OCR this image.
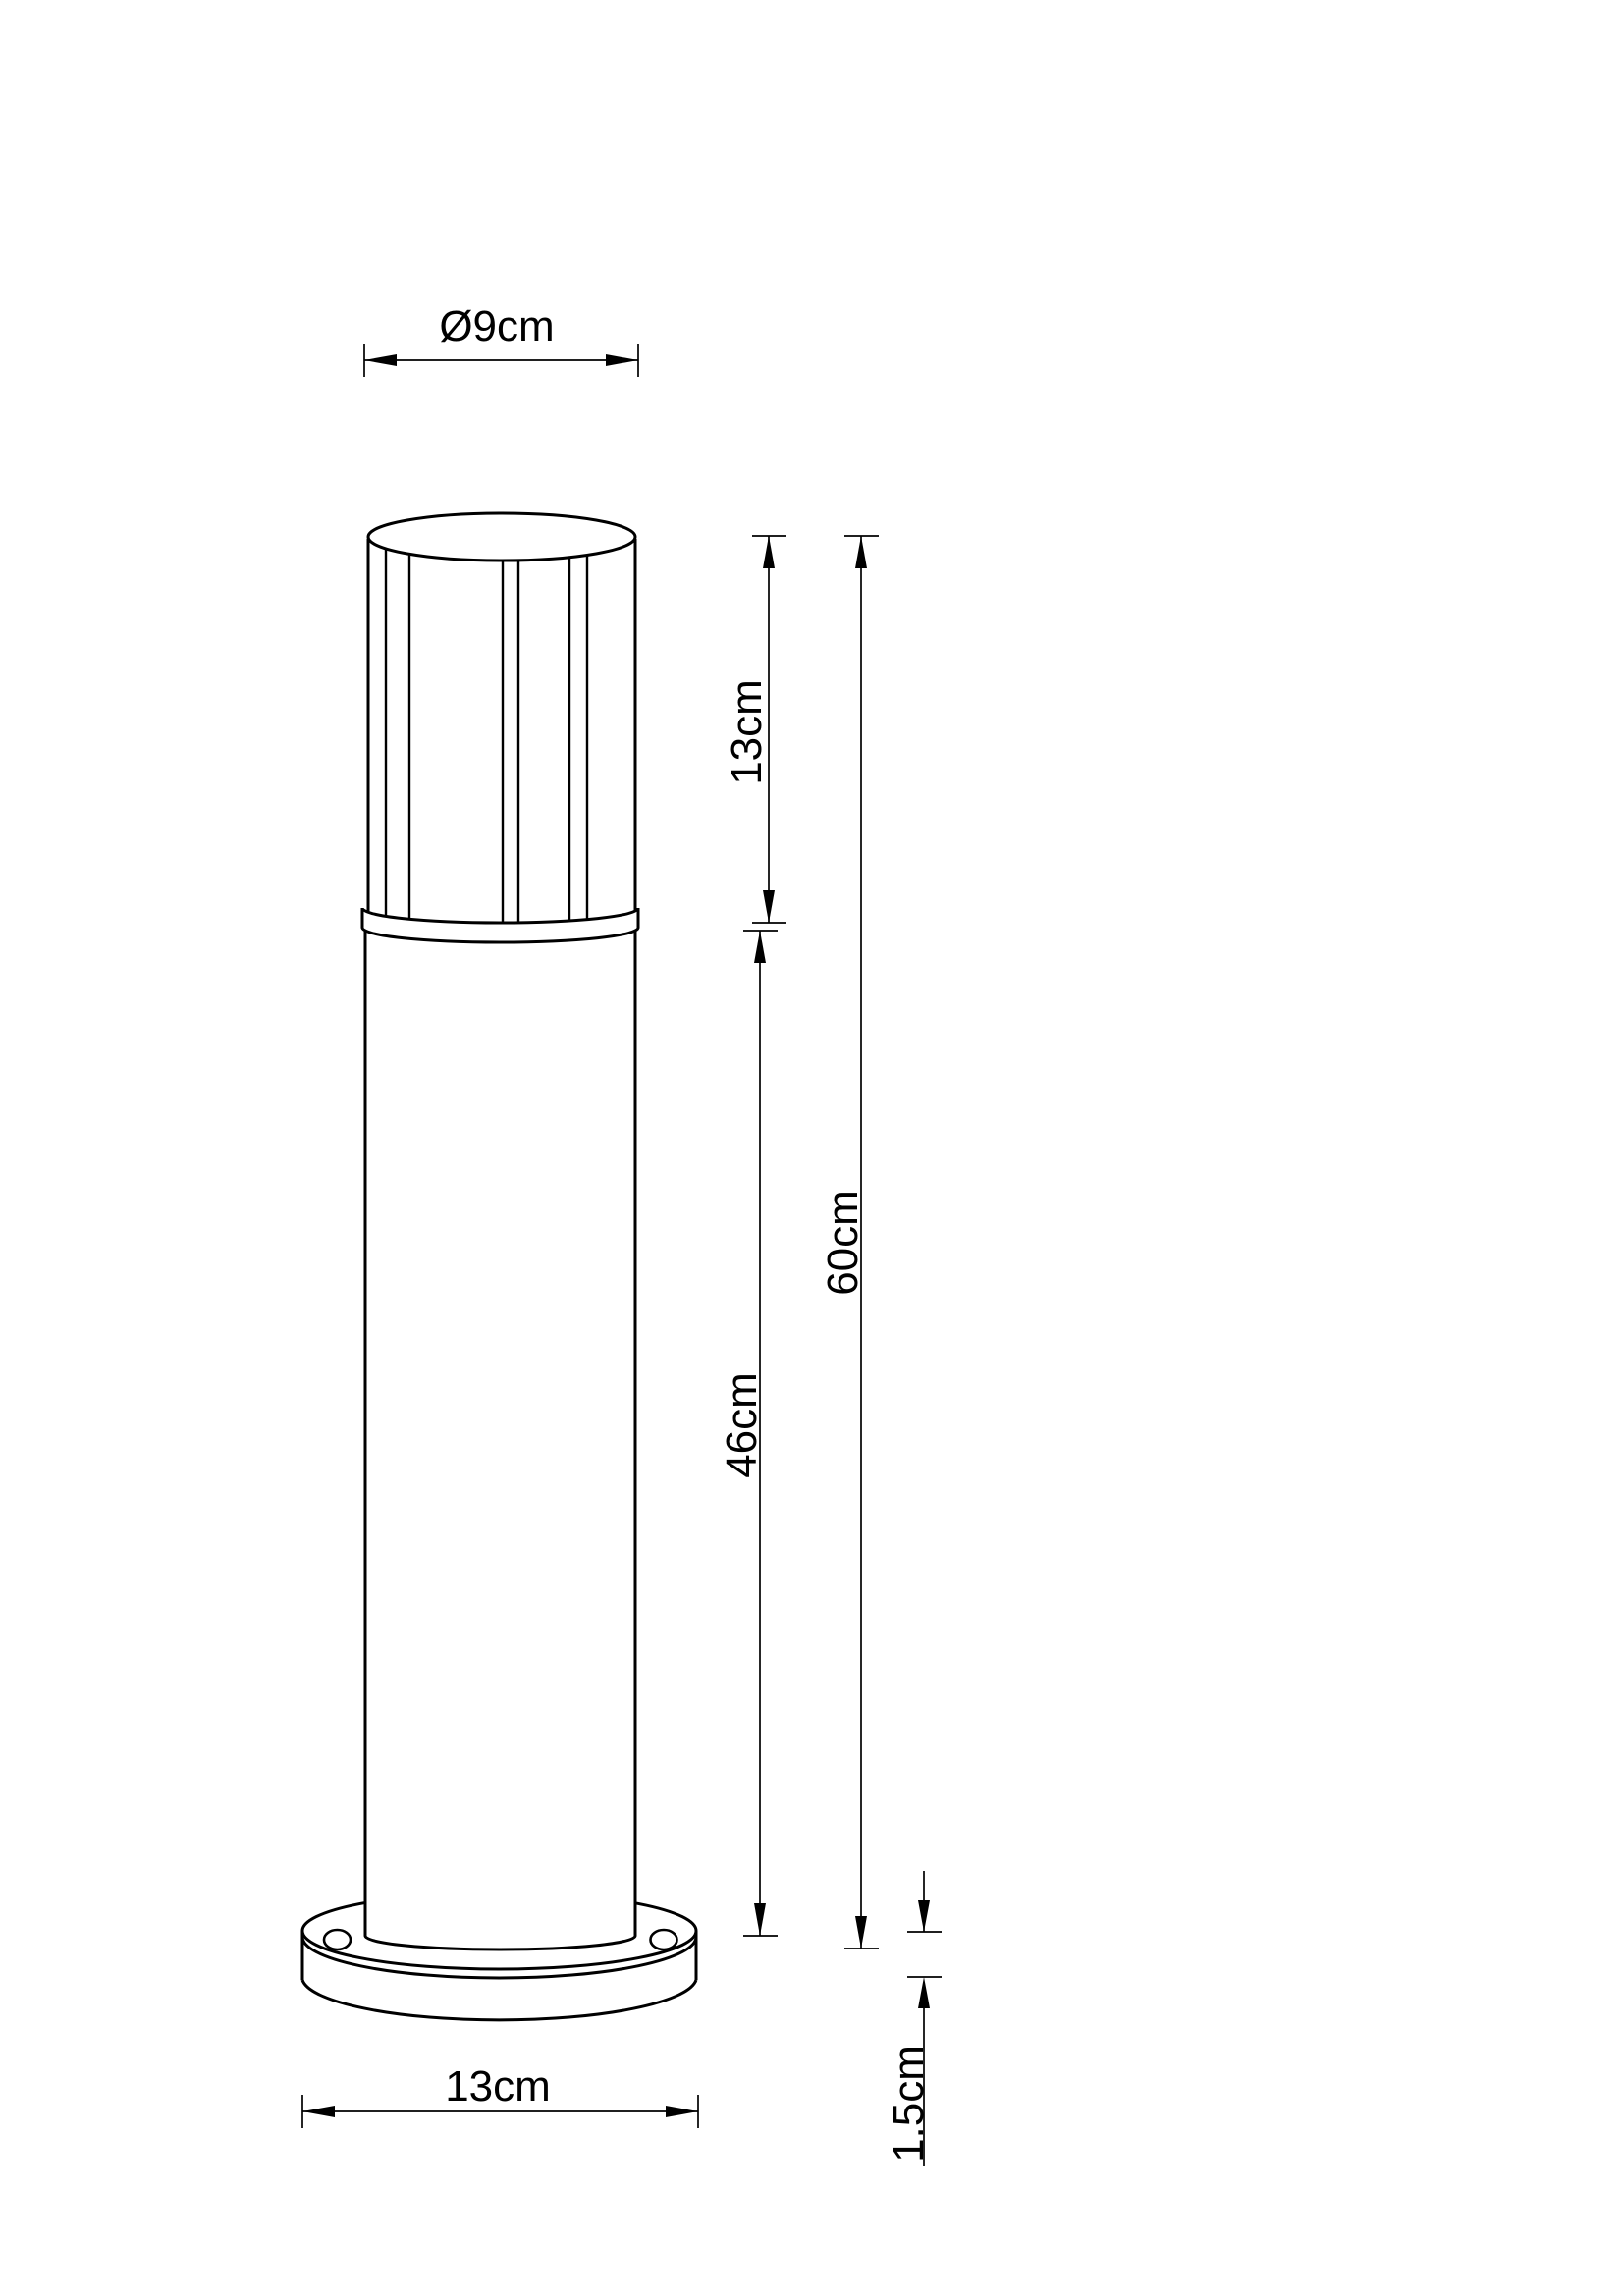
Ø9cm
13cm
46cm
60cm
1.5cm
13cm
